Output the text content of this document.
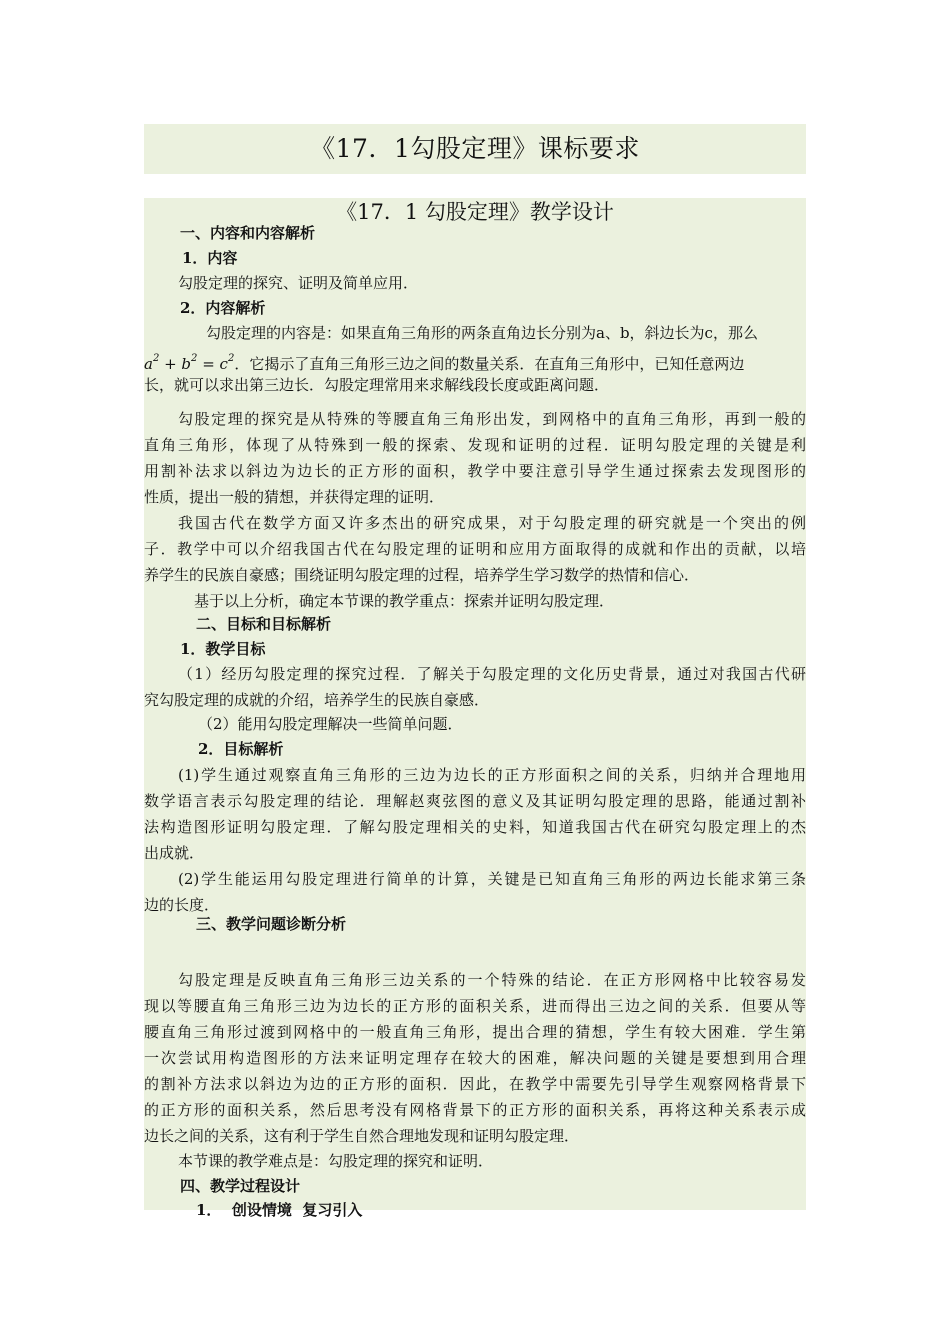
《17．1勾股定理》课标要求
《17．1 勾股定理》教学设计
一、内容和内容解析
1．内容
勾股定理的探究、证明及简单应用．
2．内容解析
勾股定理的内容是：如果直角三角形的两条直角边长分别为a、b，斜边长为c，那么
$a^2 + b^2 = c^2$．它揭示了直角三角形三边之间的数量关系．在直角三角形中，已知任意两边
长，就可以求出第三边长．勾股定理常用来求解线段长度或距离问题．
勾股定理的探究是从特殊的等腰直角三角形出发，到网格中的直角三角形，再到一般的
直角三角形，体现了从特殊到一般的探索、发现和证明的过程．证明勾股定理的关键是利
用割补法求以斜边为边长的正方形的面积，教学中要注意引导学生通过探索去发现图形的
性质，提出一般的猜想，并获得定理的证明．
我国古代在数学方面又许多杰出的研究成果，对于勾股定理的研究就是一个突出的例
子．教学中可以介绍我国古代在勾股定理的证明和应用方面取得的成就和作出的贡献，以培
养学生的民族自豪感；围绕证明勾股定理的过程，培养学生学习数学的热情和信心．
基于以上分析，确定本节课的教学重点：探索并证明勾股定理．
二、目标和目标解析
1．教学目标
（1）经历勾股定理的探究过程．了解关于勾股定理的文化历史背景，通过对我国古代研
究勾股定理的成就的介绍，培养学生的民族自豪感．
（2）能用勾股定理解决一些简单问题．
2．目标解析
(1)学生通过观察直角三角形的三边为边长的正方形面积之间的关系，归纳并合理地用
数学语言表示勾股定理的结论．理解赵爽弦图的意义及其证明勾股定理的思路，能通过割补
法构造图形证明勾股定理．了解勾股定理相关的史料，知道我国古代在研究勾股定理上的杰
出成就．
(2)学生能运用勾股定理进行简单的计算，关键是已知直角三角形的两边长能求第三条
边的长度．
三、教学问题诊断分析
勾股定理是反映直角三角形三边关系的一个特殊的结论．在正方形网格中比较容易发
现以等腰直角三角形三边为边长的正方形的面积关系，进而得出三边之间的关系．但要从等
腰直角三角形过渡到网格中的一般直角三角形，提出合理的猜想，学生有较大困难．学生第
一次尝试用构造图形的方法来证明定理存在较大的困难，解决问题的关键是要想到用合理
的割补方法求以斜边为边的正方形的面积．因此，在教学中需要先引导学生观察网格背景下
的正方形的面积关系，然后思考没有网格背景下的正方形的面积关系，再将这种关系表示成
边长之间的关系，这有利于学生自然合理地发现和证明勾股定理．
本节课的教学难点是：勾股定理的探究和证明．
四、教学过程设计
1．  创设情境  复习引入
